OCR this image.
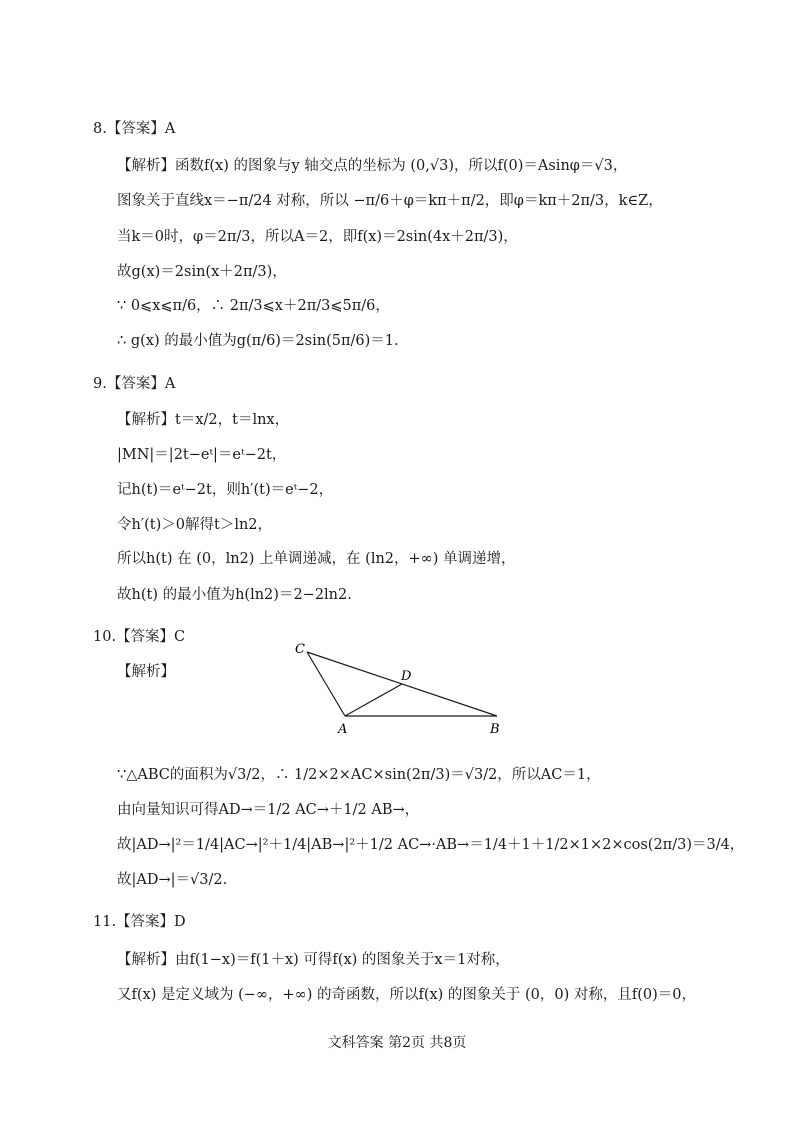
8.【答案】A
【解析】函数f(x) 的图象与y 轴交点的坐标为 (0,√3)，所以f(0)＝Asinφ＝√3，
图象关于直线x＝−π/24 对称，所以 −π/6＋φ＝kπ＋π/2，即φ＝kπ＋2π/3，k∈Z，
当k＝0时，φ＝2π/3，所以A＝2，即f(x)＝2sin(4x＋2π/3)，
故g(x)＝2sin(x＋2π/3)，
∵ 0⩽x⩽π/6，∴ 2π/3⩽x＋2π/3⩽5π/6，
∴ g(x) 的最小值为g(π/6)＝2sin(5π/6)＝1.
9.【答案】A
【解析】t＝x/2，t＝lnx，
|MN|＝|2t−eᵗ|＝eᵗ−2t，
记h(t)＝eᵗ−2t，则h′(t)＝eᵗ−2，
令h′(t)＞0解得t＞ln2，
所以h(t) 在 (0，ln2) 上单调递减，在 (ln2，+∞) 单调递增，
故h(t) 的最小值为h(ln2)＝2−2ln2.
10.【答案】C
【解析】
C
D
A	B
∵△ABC的面积为√3/2，∴ 1/2×2×AC×sin(2π/3)＝√3/2，所以AC＝1，
由向量知识可得AD→＝1/2 AC→＋1/2 AB→，
故|AD→|²＝1/4|AC→|²＋1/4|AB→|²＋1/2 AC→·AB→＝1/4＋1＋1/2×1×2×cos(2π/3)＝3/4，
故|AD→|＝√3/2.
11.【答案】D
【解析】由f(1−x)＝f(1＋x) 可得f(x) 的图象关于x＝1对称，
又f(x) 是定义域为 (−∞，+∞) 的奇函数，所以f(x) 的图象关于 (0，0) 对称，且f(0)＝0，
文科答案 第2页 共8页
